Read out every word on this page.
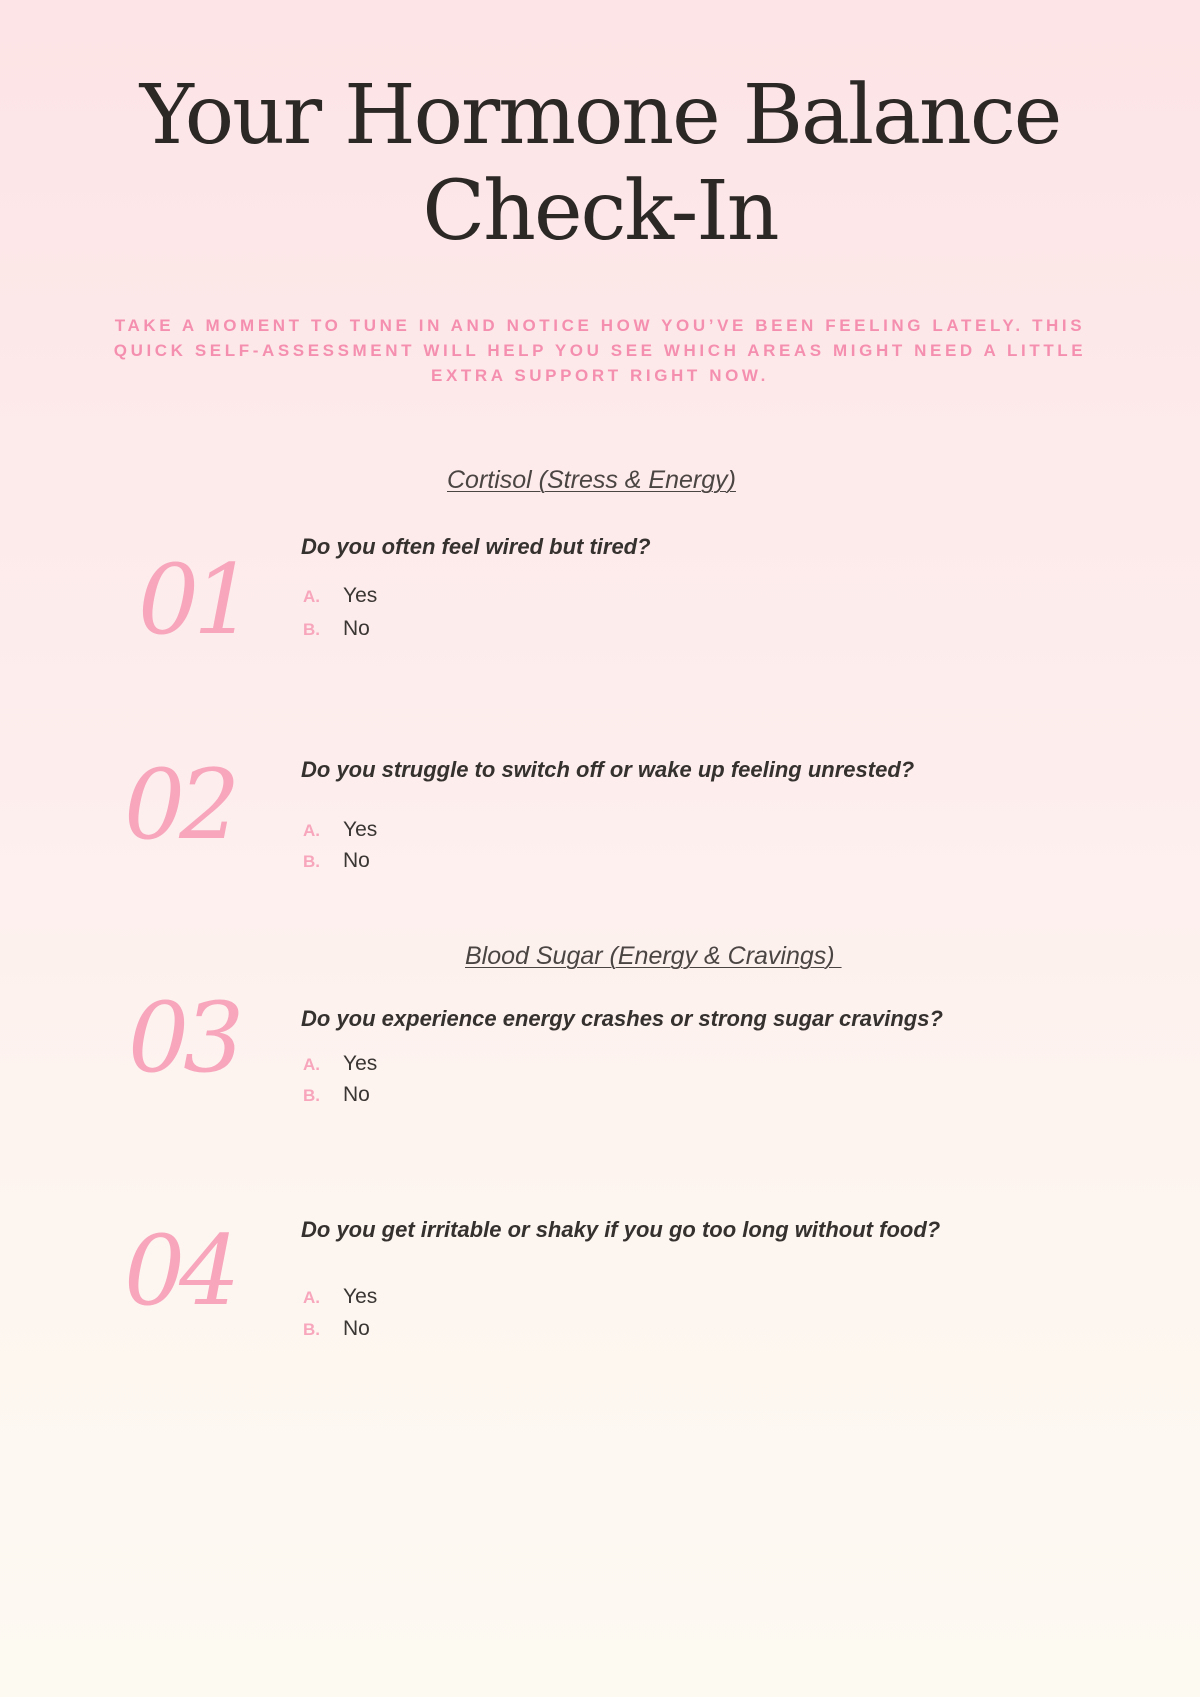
Your Hormone Balance
Check-In

TAKE A MOMENT TO TUNE IN AND NOTICE HOW YOU’VE BEEN FEELING LATELY. THIS QUICK SELF-ASSESSMENT WILL HELP YOU SEE WHICH AREAS MIGHT NEED A LITTLE EXTRA SUPPORT RIGHT NOW.

Cortisol (Stress & Energy)
01 Do you often feel wired but tired?
A. Yes
B. No
02	Do you struggle to switch off or wake up feeling unrested?
A. Yes
B. No
Blood Sugar (Energy & Cravings)
03	Do you experience energy crashes or strong sugar cravings?
A. Yes
B. No
04	Do you get irritable or shaky if you go too long without food?
A. Yes
B. No
